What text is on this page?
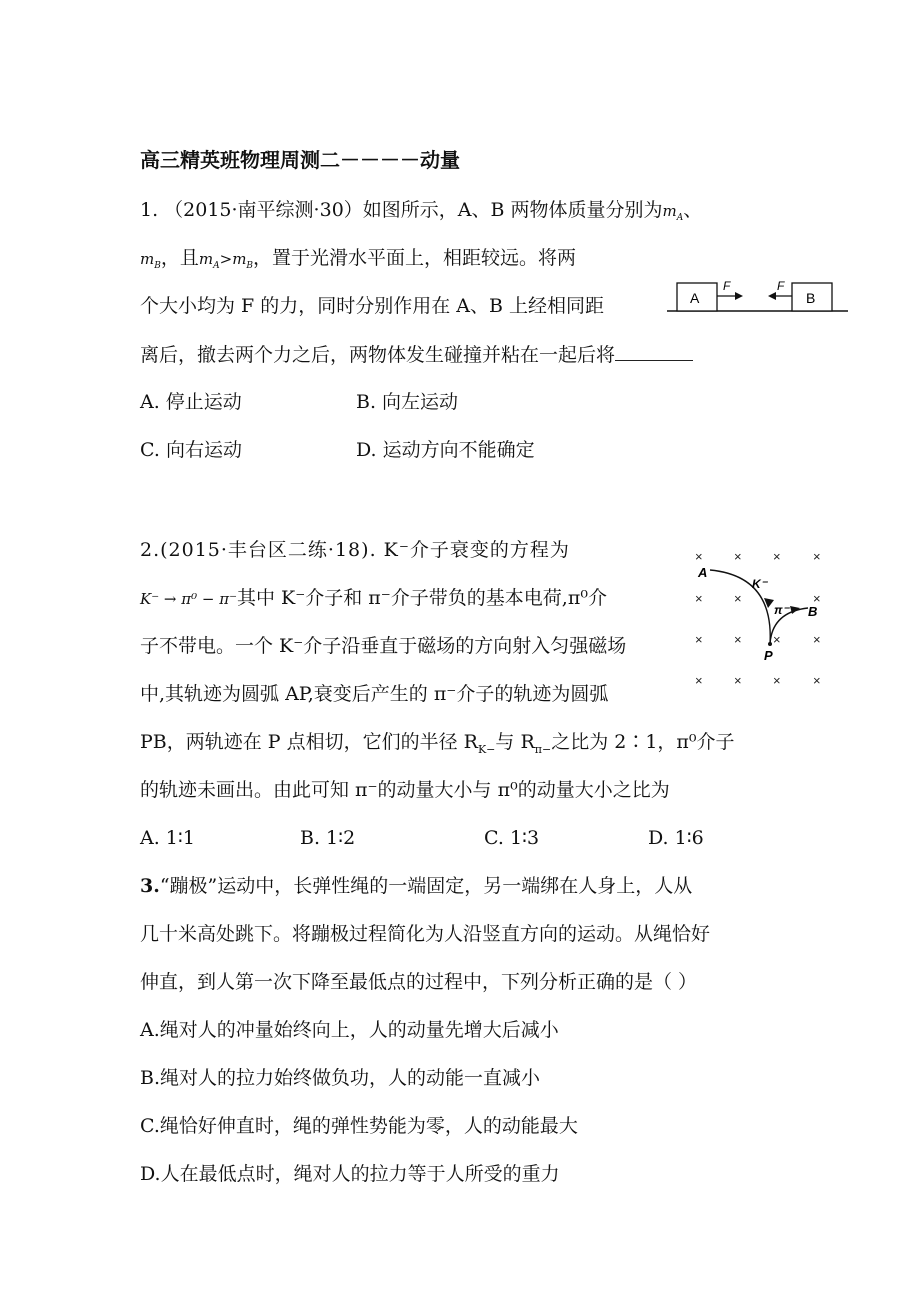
高三精英班物理周测二－－－－动量
1. （2015·南平综测·30）如图所示，A、B 两物体质量分别为$m_A$、
$m_B$，且$m_A>m_B$，置于光滑水平面上，相距较远。将两
个大小均为 F 的力，同时分别作用在 A、B 上经相同距
离后，撤去两个力之后，两物体发生碰撞并粘在一起后将
A. 停止运动	B. 向左运动
C. 向右运动	D. 运动方向不能确定
A
F
B
F
2.(2015·丰台区二练·18). K⁻介子衰变的方程为
K⁻ → π⁰ − π⁻其中 K⁻介子和 π⁻介子带负的基本电荷,π⁰介
子不带电。一个 K⁻介子沿垂直于磁场的方向射入匀强磁场
中,其轨迹为圆弧 AP,衰变后产生的 π⁻介子的轨迹为圆弧
PB，两轨迹在 P 点相切，它们的半径 $R_{K-}$与 $R_{\pi-}$之比为 2∶1，π⁰介子
的轨迹未画出。由此可知 π⁻的动量大小与 π⁰的动量大小之比为
A. 1∶1	B. 1∶2	C. 1∶3	D. 1∶6
× × × ×
× ×	×
× × × ×
× × × ×
A
B
P
K⁻
π⁻
3.“蹦极”运动中，长弹性绳的一端固定，另一端绑在人身上，人从
几十米高处跳下。将蹦极过程简化为人沿竖直方向的运动。从绳恰好
伸直，到人第一次下降至最低点的过程中，下列分析正确的是（ ）
A.绳对人的冲量始终向上，人的动量先增大后减小
B.绳对人的拉力始终做负功，人的动能一直减小
C.绳恰好伸直时，绳的弹性势能为零，人的动能最大
D.人在最低点时，绳对人的拉力等于人所受的重力
